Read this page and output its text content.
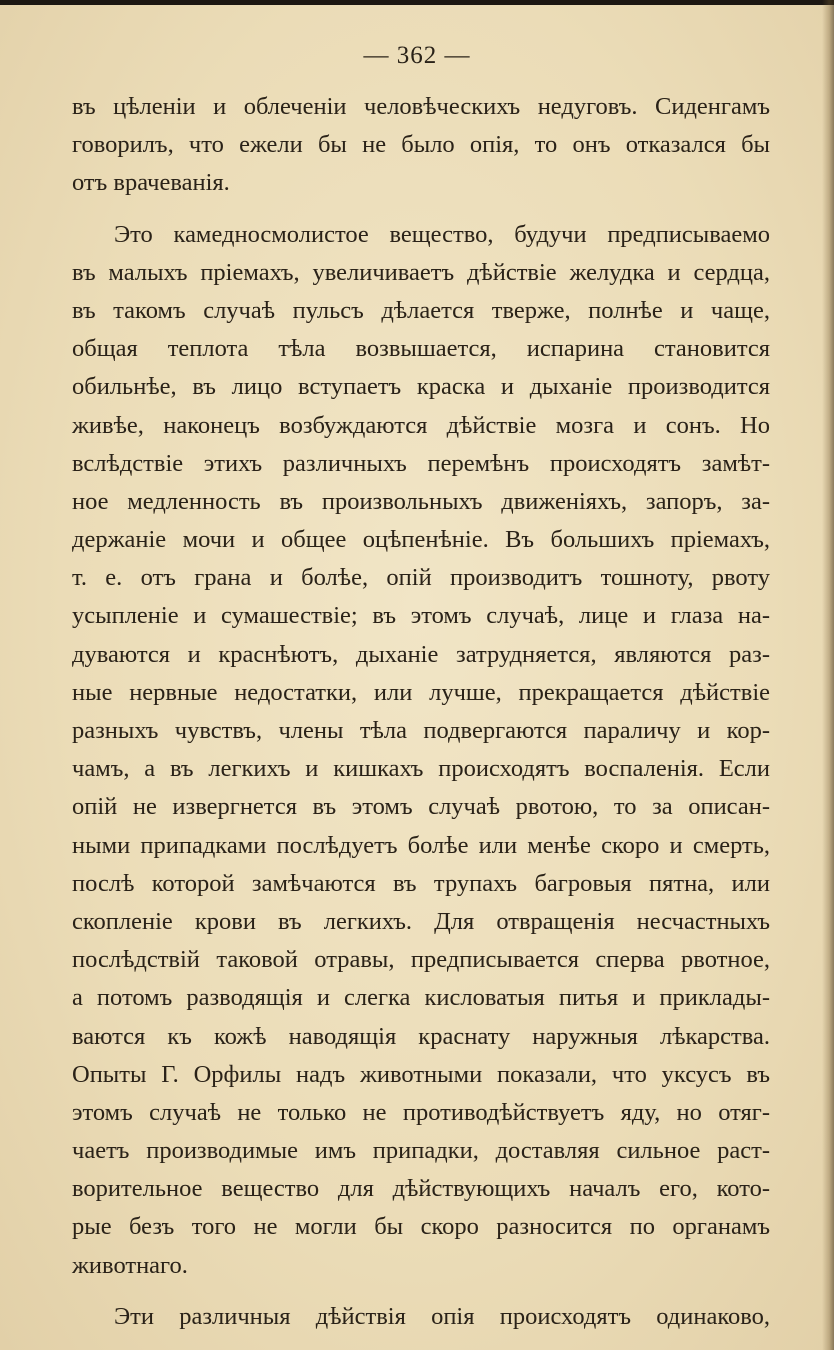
— 362 —
въ цѣленіи и облеченіи человѣческихъ недуговъ. Сиденгамъ
говорилъ, что ежели бы не было опія, то онъ отказался бы
отъ врачеванія.
Это камедносмолистое вещество, будучи предписываемо
въ малыхъ пріемахъ, увеличиваетъ дѣйствіе желудка и сердца,
въ такомъ случаѣ пульсъ дѣлается тверже, полнѣе и чаще,
общая теплота тѣла возвышается, испарина становится
обильнѣе, въ лицо вступаетъ краска и дыханіе производится
живѣе, наконецъ возбуждаются дѣйствіе мозга и сонъ. Но
вслѣдствіе этихъ различныхъ перемѣнъ происходятъ замѣт-
ное медленность въ произвольныхъ движеніяхъ, запоръ, за-
держаніе мочи и общее оцѣпенѣніе. Въ большихъ пріемахъ,
т. е. отъ грана и болѣе, опій производитъ тошноту, рвоту
усыпленіе и сумашествіе; въ этомъ случаѣ, лице и глаза на-
дуваются и краснѣютъ, дыханіе затрудняется, являются раз-
ные нервные недостатки, или лучше, прекращается дѣйствіе
разныхъ чувствъ, члены тѣла подвергаются параличу и кор-
чамъ, а въ легкихъ и кишкахъ происходятъ воспаленія. Если
опій не извергнется въ этомъ случаѣ рвотою, то за описан-
ными припадками послѣдуетъ болѣе или менѣе скоро и смерть,
послѣ которой замѣчаются въ трупахъ багровыя пятна, или
скопленіе крови въ легкихъ. Для отвращенія несчастныхъ
послѣдствій таковой отравы, предписывается сперва рвотное,
а потомъ разводящія и слегка кисловатыя питья и приклады-
ваются къ кожѣ наводящія краснату наружныя лѣкарства.
Опыты Г. Орфилы надъ животными показали, что уксусъ въ
этомъ случаѣ не только не противодѣйствуетъ яду, но отяг-
чаетъ производимые имъ припадки, доставляя сильное раст-
ворительное вещество для дѣйствующихъ началъ его, кото-
рые безъ того не могли бы скоро разносится по органамъ
животнаго.
Эти различныя дѣйствія опія происходятъ одинаково,
